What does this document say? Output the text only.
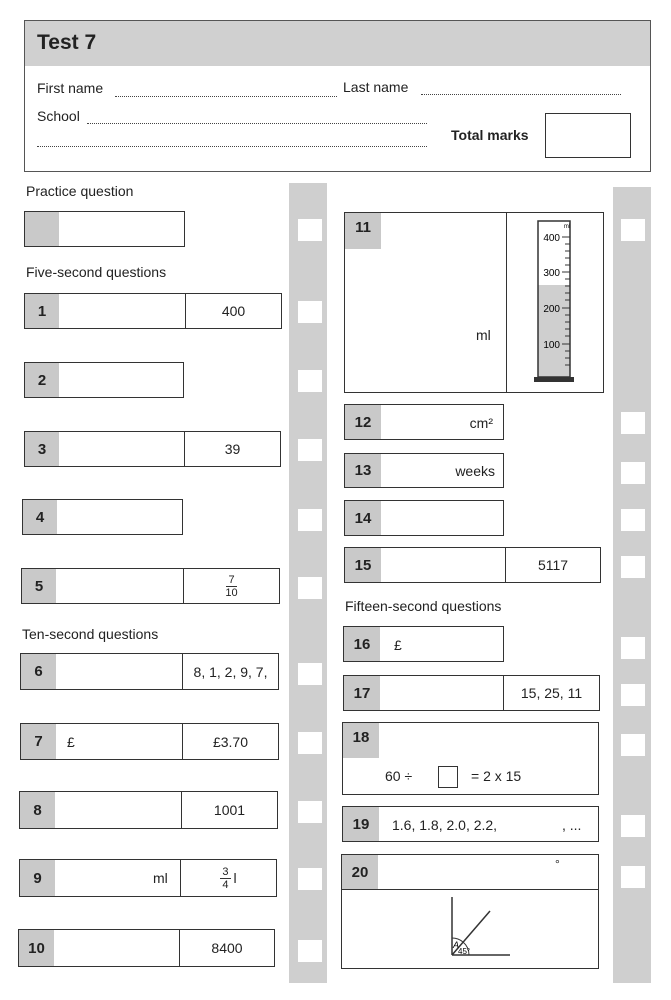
Test 7
First name	Last name
School
Total marks
Practice question
Five-second questions
Ten-second questions
Fifteen-second questions
1	400
2
3	39
4
5	$\frac{7}{10}$
6	8, 1, 2, 9, 7,
7	£	£3.70
8	1001
9	ml	$\frac{3}{4}$ l
10	8400
11
ml
400
300
200
100
ml
12	cm²
13	weeks
14
15	5117
16	£
17	15, 25, 11
18
60 ÷	= 2 x 15
19	1.6, 1.8, 2.0, 2.2,	, ...
20	°
A
45°
